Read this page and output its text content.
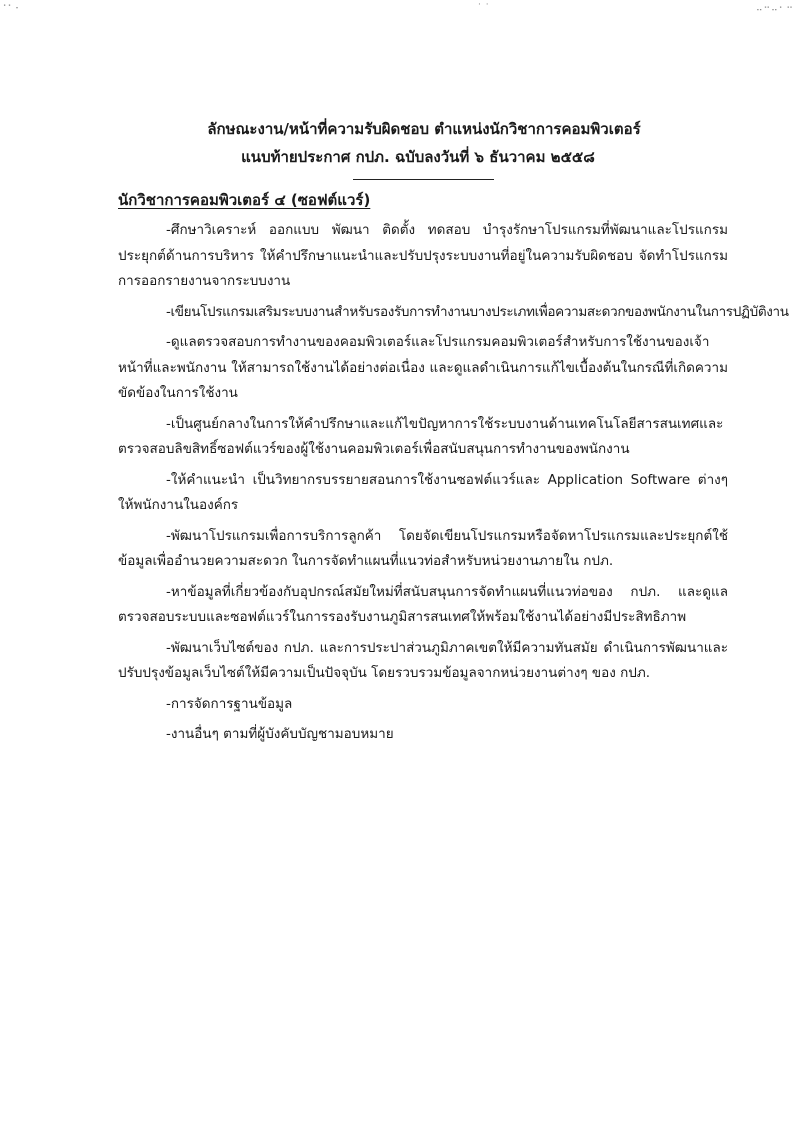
⠐⠂⠄	· ·	⠤⠒⠤⠂⠒
ลักษณะงาน/หน้าที่ความรับผิดชอบ ตำแหน่งนักวิชาการคอมพิวเตอร์
แนบท้ายประกาศ กปภ. ฉบับลงวันที่ ๖ ธันวาคม ๒๕๕๘
นักวิชาการคอมพิวเตอร์ ๔ (ซอฟต์แวร์)

-ศึกษาวิเคราะห์ ออกแบบ พัฒนา ติดตั้ง ทดสอบ บำรุงรักษาโปรแกรมที่พัฒนาและโปรแกรมประยุกต์ด้านการบริหาร ให้คำปรึกษาแนะนำและปรับปรุงระบบงานที่อยู่ในความรับผิดชอบ จัดทำโปรแกรมการออกรายงานจากระบบงาน

-เขียนโปรแกรมเสริมระบบงานสำหรับรองรับการทำงานบางประเภทเพื่อความสะดวกของพนักงานในการปฏิบัติงาน

-ดูแลตรวจสอบการทำงานของคอมพิวเตอร์และโปรแกรมคอมพิวเตอร์สำหรับการใช้งานของเจ้าหน้าที่และพนักงาน ให้สามารถใช้งานได้อย่างต่อเนื่อง และดูแลดำเนินการแก้ไขเบื้องต้นในกรณีที่เกิดความขัดข้องในการใช้งาน

-เป็นศูนย์กลางในการให้คำปรึกษาและแก้ไขปัญหาการใช้ระบบงานด้านเทคโนโลยีสารสนเทศและตรวจสอบลิขสิทธิ์ซอฟต์แวร์ของผู้ใช้งานคอมพิวเตอร์เพื่อสนับสนุนการทำงานของพนักงาน

-ให้คำแนะนำ เป็นวิทยากรบรรยายสอนการใช้งานซอฟต์แวร์และ Application Software ต่างๆ ให้พนักงานในองค์กร

-พัฒนาโปรแกรมเพื่อการบริการลูกค้า โดยจัดเขียนโปรแกรมหรือจัดหาโปรแกรมและประยุกต์ใช้ข้อมูลเพื่ออำนวยความสะดวก ในการจัดทำแผนที่แนวท่อสำหรับหน่วยงานภายใน กปภ.

-หาข้อมูลที่เกี่ยวข้องกับอุปกรณ์สมัยใหม่ที่สนับสนุนการจัดทำแผนที่แนวท่อของ กปภ. และดูแลตรวจสอบระบบและซอฟต์แวร์ในการรองรับงานภูมิสารสนเทศให้พร้อมใช้งานได้อย่างมีประสิทธิภาพ

-พัฒนาเว็บไซต์ของ กปภ. และการประปาส่วนภูมิภาคเขตให้มีความทันสมัย ดำเนินการพัฒนาและปรับปรุงข้อมูลเว็บไซต์ให้มีความเป็นปัจจุบัน โดยรวบรวมข้อมูลจากหน่วยงานต่างๆ ของ กปภ.

-การจัดการฐานข้อมูล

-งานอื่นๆ ตามที่ผู้บังคับบัญชามอบหมาย
